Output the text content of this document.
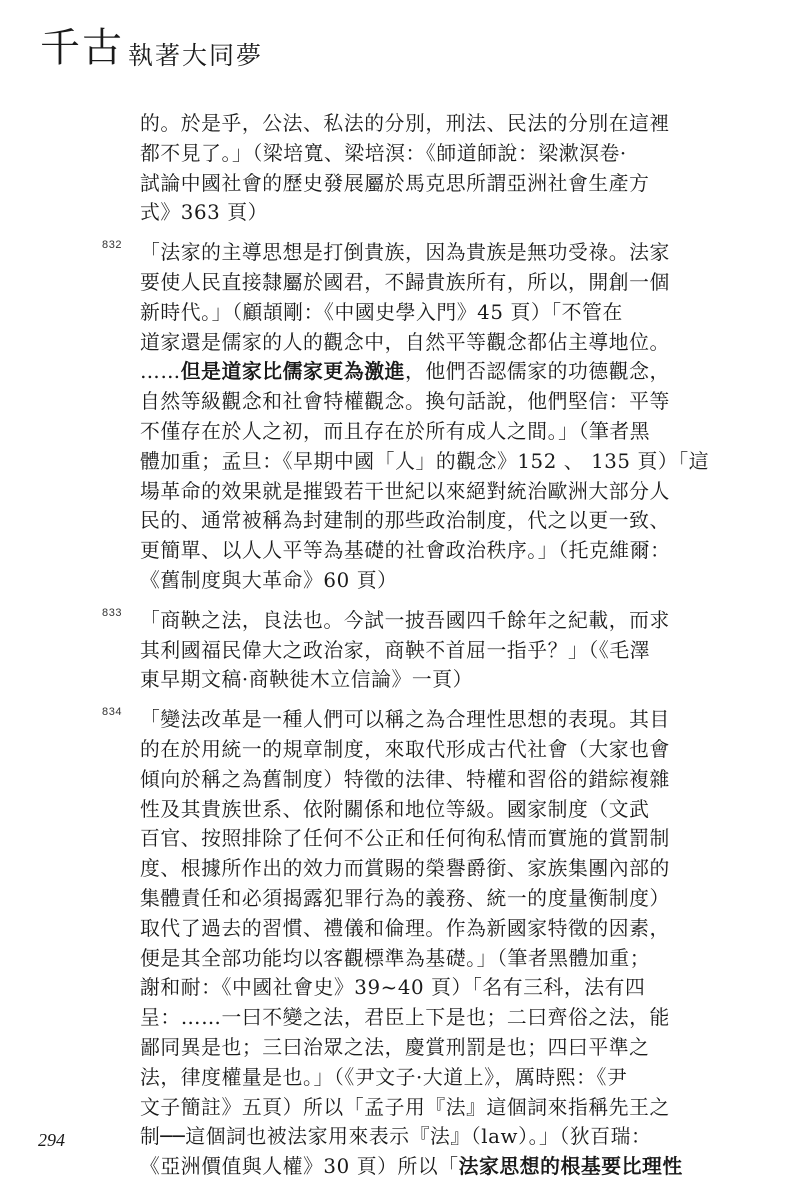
千古 執著大同夢
的。於是乎，公法、私法的分別，刑法、民法的分別在這裡
都不見了。」（梁培寬、梁培溟：《師道師說：梁漱溟卷·
試論中國社會的歷史發展屬於馬克思所謂亞洲社會生產方
式》363 頁）
832 「法家的主導思想是打倒貴族，因為貴族是無功受祿。法家
要使人民直接隸屬於國君，不歸貴族所有，所以，開創一個
新時代。」（顧頡剛：《中國史學入門》45 頁）「不管在
道家還是儒家的人的觀念中，自然平等觀念都佔主導地位。
……但是道家比儒家更為激進，他們否認儒家的功德觀念，
自然等級觀念和社會特權觀念。換句話說，他們堅信：平等
不僅存在於人之初，而且存在於所有成人之間。」（筆者黑
體加重；孟旦：《早期中國「人」的觀念》152 、 135 頁）「這
場革命的效果就是摧毀若干世紀以來絕對統治歐洲大部分人
民的、通常被稱為封建制的那些政治制度，代之以更一致、
更簡單、以人人平等為基礎的社會政治秩序。」（托克維爾：
《舊制度與大革命》60 頁）
833 「商鞅之法，良法也。今試一披吾國四千餘年之紀載，而求
其利國福民偉大之政治家，商鞅不首屈一指乎？」（《毛澤
東早期文稿·商鞅徙木立信論》一頁）
834 「變法改革是一種人們可以稱之為合理性思想的表現。其目
的在於用統一的規章制度，來取代形成古代社會（大家也會
傾向於稱之為舊制度）特徵的法律、特權和習俗的錯綜複雜
性及其貴族世系、依附關係和地位等級。國家制度（文武
百官、按照排除了任何不公正和任何徇私情而實施的賞罰制
度、根據所作出的效力而賞賜的榮譽爵銜、家族集團內部的
集體責任和必須揭露犯罪行為的義務、統一的度量衡制度）
取代了過去的習慣、禮儀和倫理。作為新國家特徵的因素，
便是其全部功能均以客觀標準為基礎。」（筆者黑體加重；
謝和耐：《中國社會史》39~40 頁）「名有三科，法有四
呈：……一曰不變之法，君臣上下是也；二曰齊俗之法，能
鄙同異是也；三曰治眾之法，慶賞刑罰是也；四曰平準之
法，律度權量是也。」（《尹文子·大道上》，厲時熙：《尹
文子簡註》五頁）所以「孟子用『法』這個詞來指稱先王之
制──這個詞也被法家用來表示『法』（law）。」（狄百瑞：
《亞洲價值與人權》30 頁）所以「法家思想的根基要比理性
294
